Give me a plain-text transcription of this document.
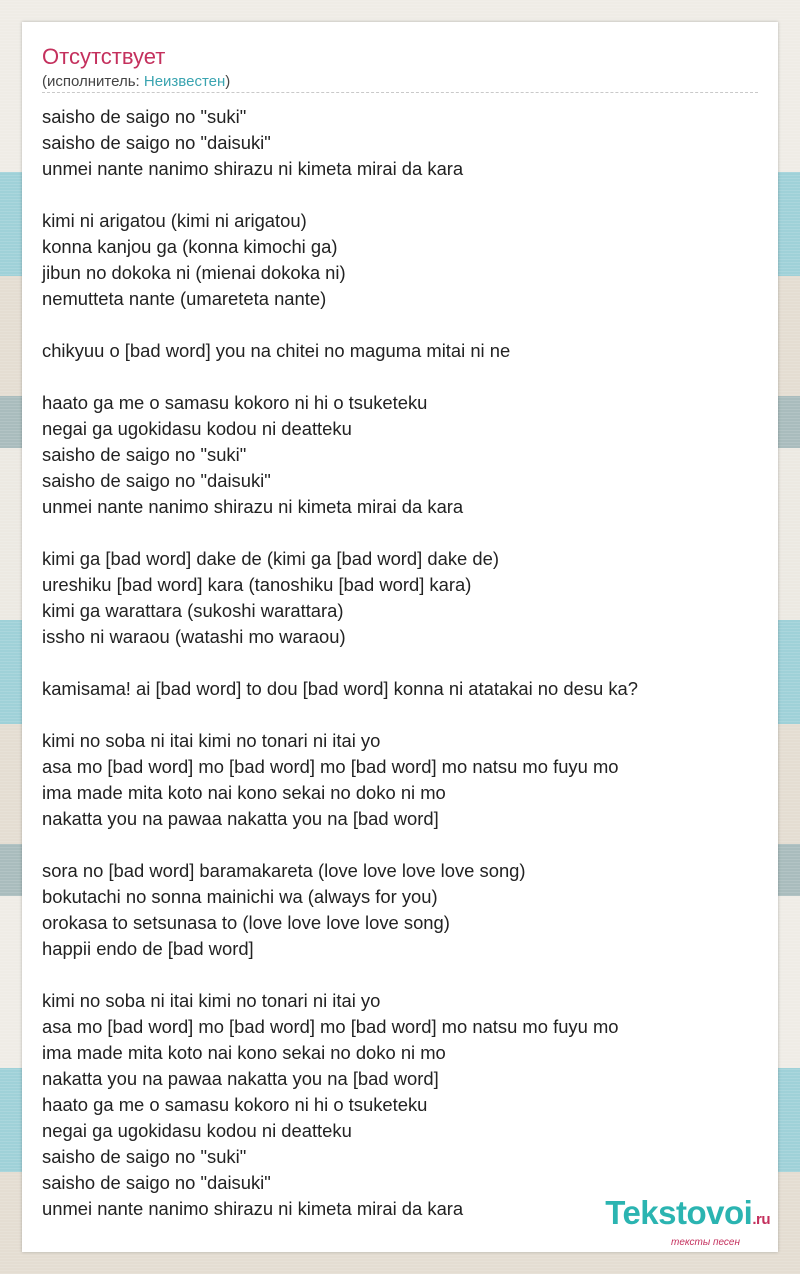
Отсутствует
(исполнитель: Неизвестен)
saisho de saigo no "suki"
saisho de saigo no "daisuki"
unmei nante nanimo shirazu ni kimeta mirai da kara
kimi ni arigatou (kimi ni arigatou)
konna kanjou ga (konna kimochi ga)
jibun no dokoka ni (mienai dokoka ni)
nemutteta nante (umareteta nante)
chikyuu o [bad word] you na chitei no maguma mitai ni ne
haato ga me o samasu kokoro ni hi o tsuketeku
negai ga ugokidasu kodou ni deatteku
saisho de saigo no "suki"
saisho de saigo no "daisuki"
unmei nante nanimo shirazu ni kimeta mirai da kara
kimi ga [bad word] dake de (kimi ga [bad word] dake de)
ureshiku [bad word] kara (tanoshiku [bad word] kara)
kimi ga warattara (sukoshi warattara)
issho ni waraou (watashi mo waraou)
kamisama! ai [bad word] to dou [bad word] konna ni atatakai no desu ka?
kimi no soba ni itai kimi no tonari ni itai yo
asa mo [bad word] mo [bad word] mo [bad word] mo natsu mo fuyu mo
ima made mita koto nai kono sekai no doko ni mo
nakatta you na pawaa nakatta you na [bad word]
sora no [bad word] baramakareta (love love love love song)
bokutachi no sonna mainichi wa (always for you)
orokasa to setsunasa to (love love love love song)
happii endo de [bad word]
kimi no soba ni itai kimi no tonari ni itai yo
asa mo [bad word] mo [bad word] mo [bad word] mo natsu mo fuyu mo
ima made mita koto nai kono sekai no doko ni mo
nakatta you na pawaa nakatta you na [bad word]
haato ga me o samasu kokoro ni hi o tsuketeku
negai ga ugokidasu kodou ni deatteku
saisho de saigo no "suki"
saisho de saigo no "daisuki"
unmei nante nanimo shirazu ni kimeta mirai da kara	Tekstovoi.ru
тексты песен
